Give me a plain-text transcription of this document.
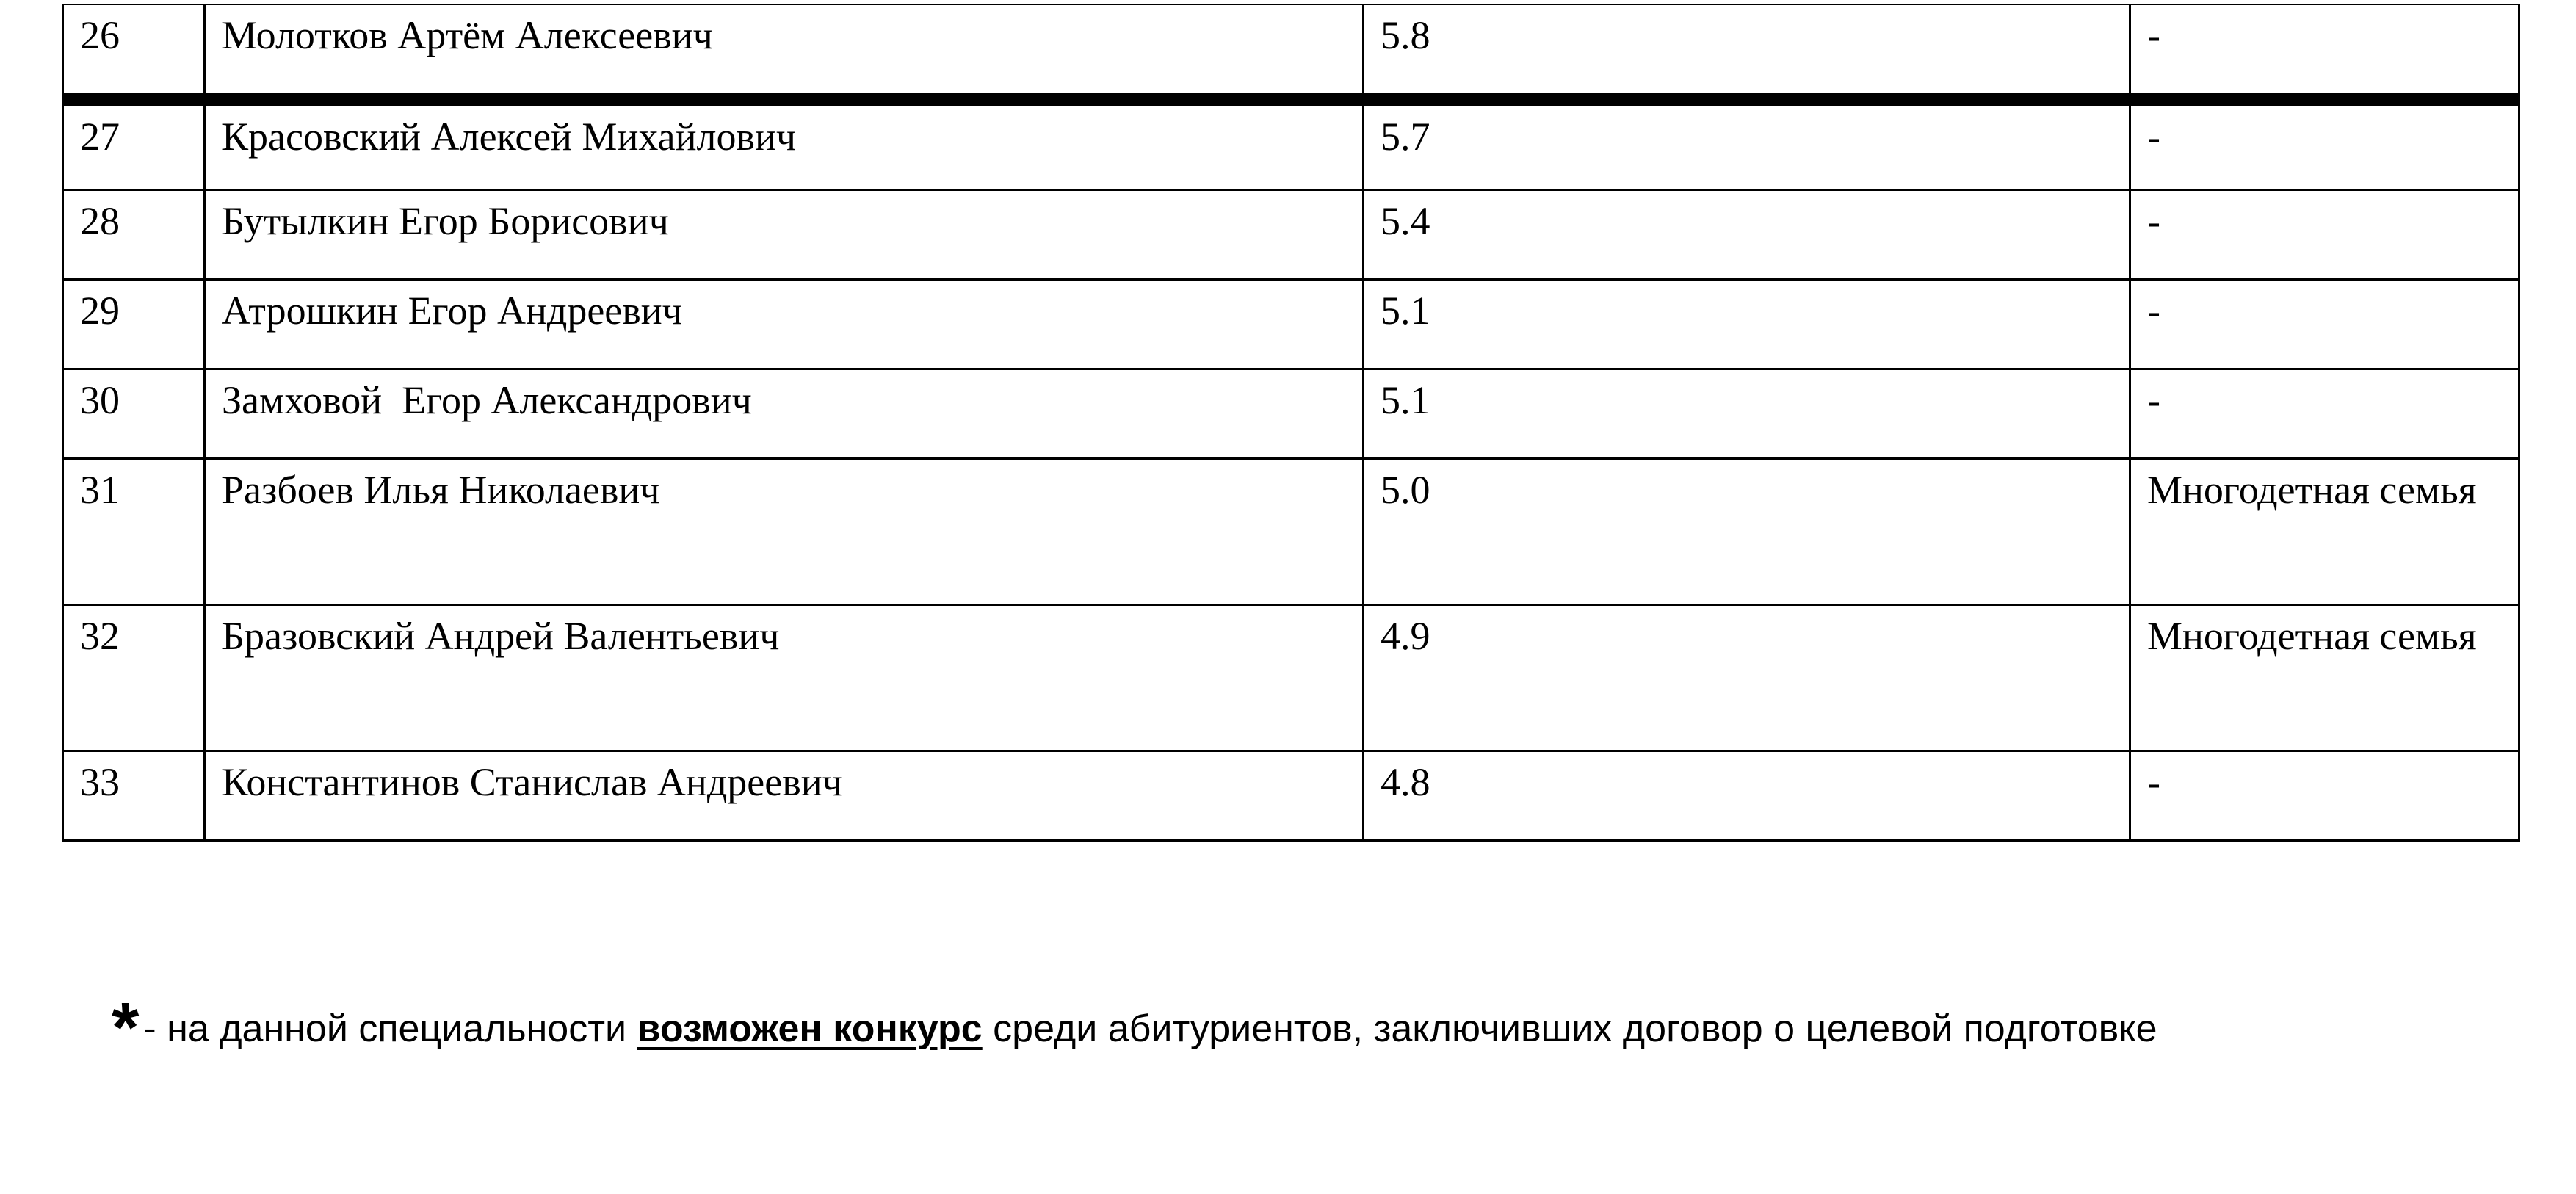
26	Молотков Артём Алексеевич	5.8	-
27	Красовский Алексей Михайлович	5.7	-
28	Бутылкин Егор Борисович	5.4	-
29	Атрошкин Егор Андреевич	5.1	-
30	Замховой  Егор Александрович	5.1	-
31	Разбоев Илья Николаевич	5.0	Многодетная семья
32	Бразовский Андрей Валентьевич	4.9	Многодетная семья
33	Константинов Станислав Андреевич	4.8	-
* - на данной специальности возможен конкурс среди абитуриентов, заключивших договор о целевой подготовке
